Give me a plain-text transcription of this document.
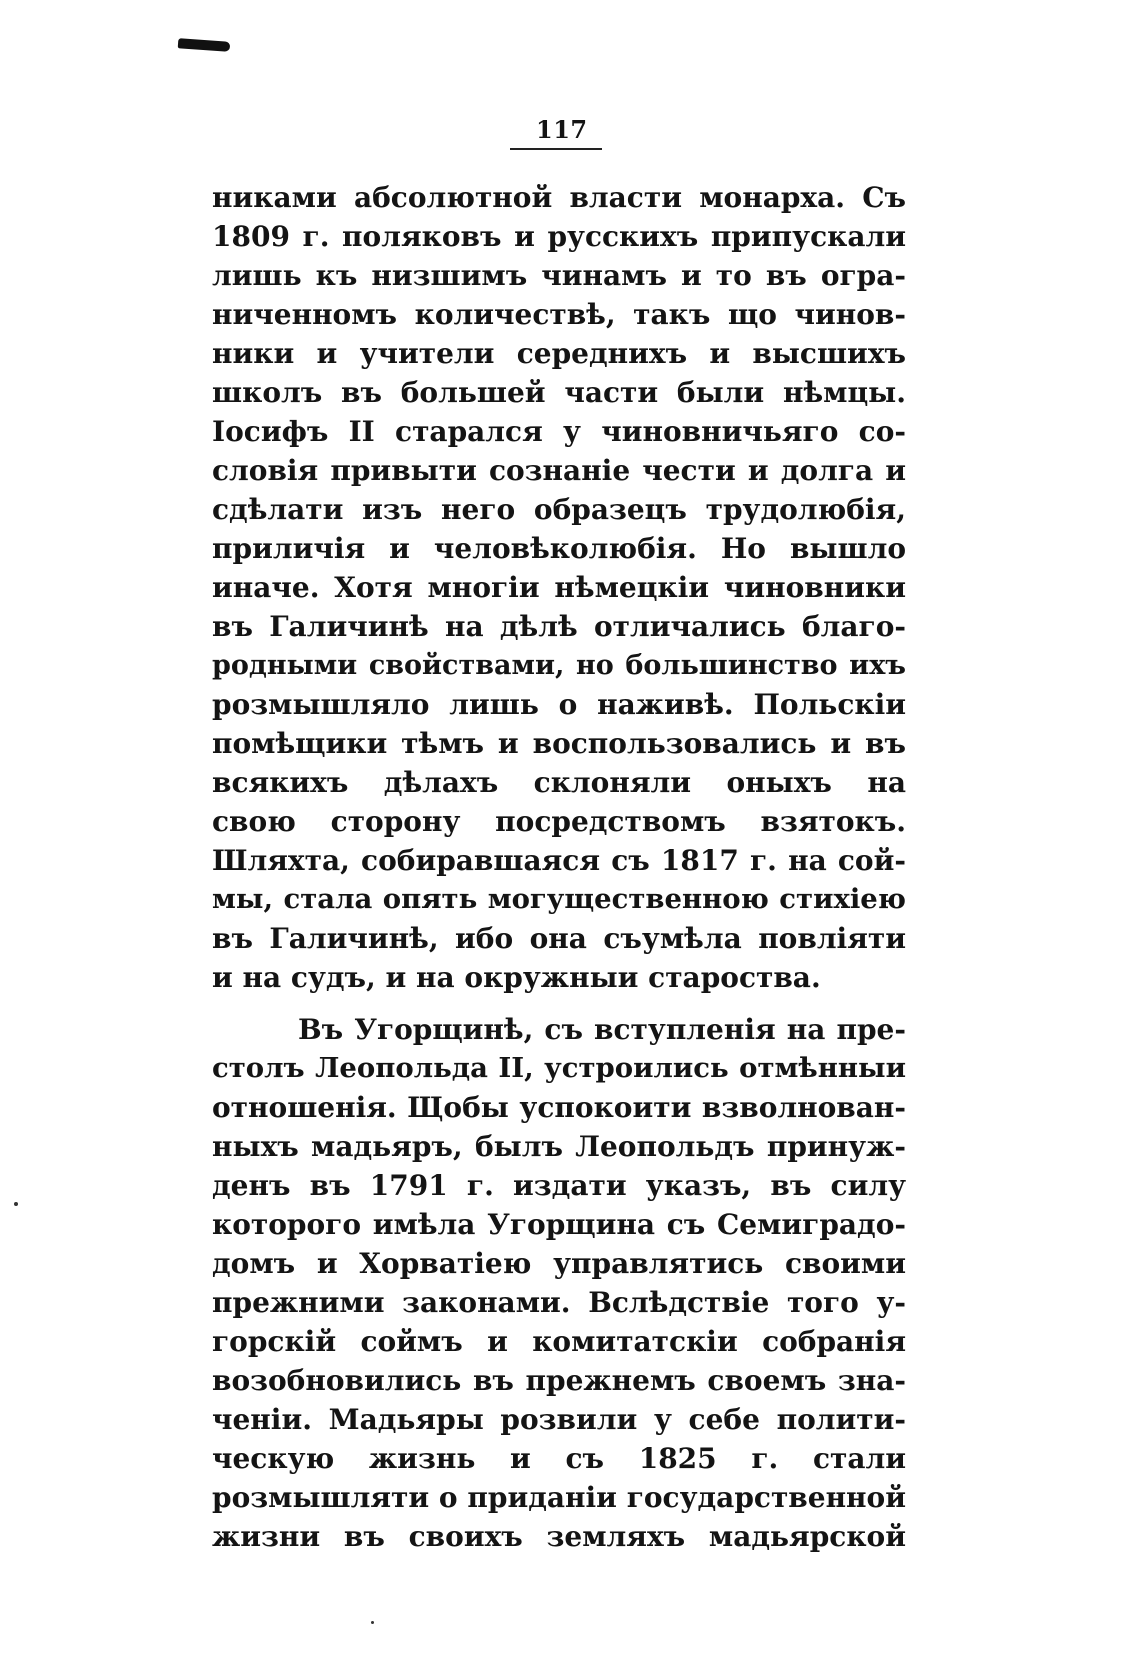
117
никами абсолютной власти монарха. Съ
1809 г. поляковъ и русскихъ припускали
лишь къ низшимъ чинамъ и то въ огра-
ниченномъ количествѣ, такъ що чинов-
ники и учители середнихъ и высшихъ
школъ въ большей части были нѣмцы.
Іосифъ II старался у чиновничьяго со-
словія привыти сознаніе чести и долга и
сдѣлати изъ него образецъ трудолюбія,
приличія и человѣколюбія. Но вышло
иначе. Хотя многіи нѣмецкіи чиновники
въ Галичинѣ на дѣлѣ отличались благо-
родными свойствами, но большинство ихъ
розмышляло лишь о наживѣ. Польскіи
помѣщики тѣмъ и воспользовались и въ
всякихъ дѣлахъ склоняли оныхъ на
свою сторону посредствомъ взятокъ.
Шляхта, собиравшаяся съ 1817 г. на сой-
мы, стала опять могущественною стихіею
въ Галичинѣ, ибо она съумѣла повліяти
и на судъ, и на окружныи староства.
Въ Угорщинѣ, съ вступленія на пре-
столъ Леопольда II, устроились отмѣнныи
отношенія. Щобы успокоити взволнован-
ныхъ мадьяръ, былъ Леопольдъ принуж-
денъ въ 1791 г. издати указъ, въ силу
которого имѣла Угорщина съ Семиградо-
домъ и Хорватіею управлятись своими
прежними законами. Вслѣдствіе того у-
горскій соймъ и комитатскіи собранія
возобновились въ прежнемъ своемъ зна-
ченіи. Мадьяры розвили у себе полити-
ческую жизнь и съ 1825 г. стали
розмышляти о приданіи государственной
жизни въ своихъ земляхъ мадьярской
